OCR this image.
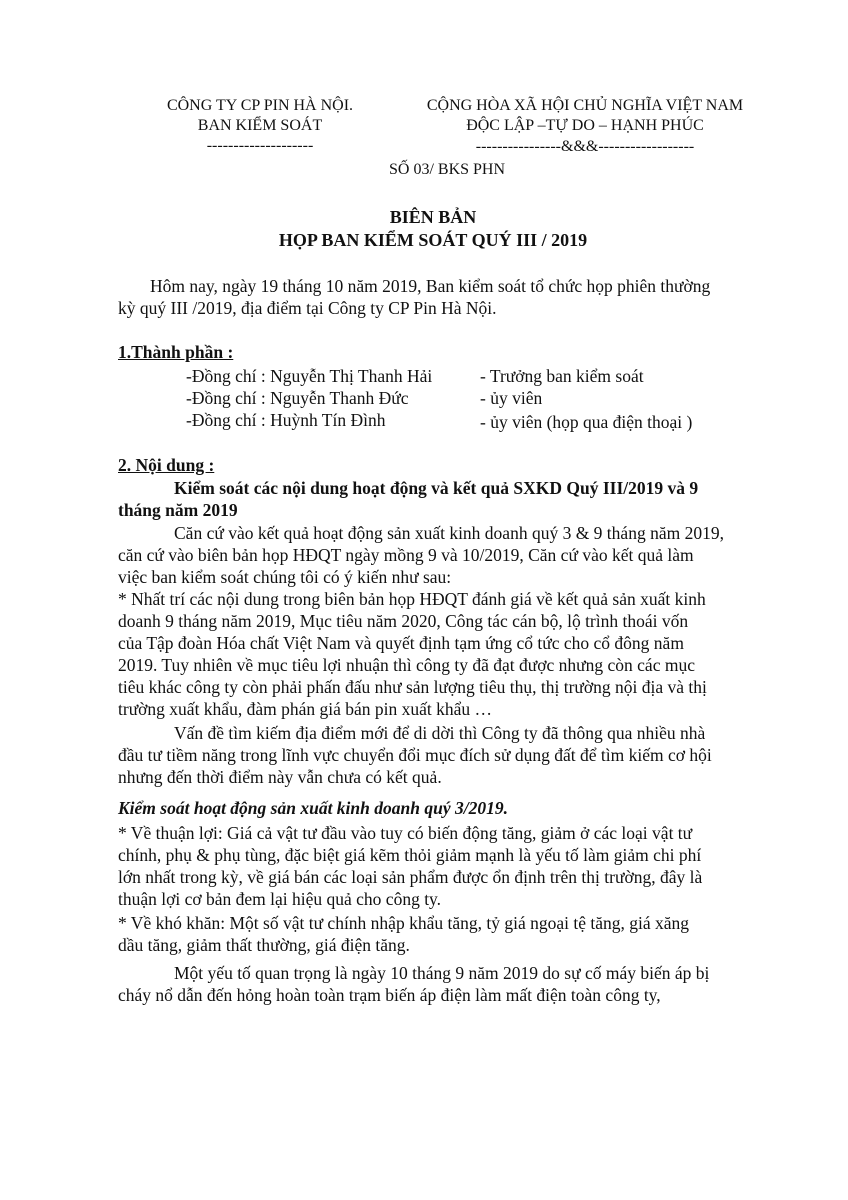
CÔNG TY CP PIN HÀ NỘI.
BAN KIỂM SOÁT
--------------------
CỘNG HÒA XÃ HỘI CHỦ NGHĨA VIỆT NAM
ĐỘC LẬP –TỰ DO – HẠNH PHÚC
----------------&&&------------------
SỐ 03/ BKS PHN
BIÊN BẢN
HỌP BAN KIỂM SOÁT QUÝ III / 2019
Hôm nay, ngày 19 tháng 10 năm 2019, Ban kiểm soát tổ chức họp phiên thường
kỳ quý III /2019, địa điểm tại Công ty CP Pin Hà Nội.
1.Thành phần :
-Đồng chí : Nguyễn Thị Thanh Hải	- Trưởng ban kiểm soát
-Đồng chí : Nguyễn Thanh Đức	- ủy viên
-Đồng chí : Huỳnh Tín Đình	- ủy viên (họp qua điện thoại )
2. Nội dung :
Kiểm soát các nội dung hoạt động và kết quả SXKD Quý III/2019 và 9
tháng năm 2019
Căn cứ vào kết quả hoạt động sản xuất kinh doanh quý 3 & 9 tháng năm 2019,
căn cứ vào biên bản họp HĐQT ngày mồng 9 và 10/2019, Căn cứ vào kết quả làm
việc ban kiểm soát chúng tôi có ý kiến như sau:
* Nhất trí các nội dung trong biên bản họp HĐQT đánh giá về kết quả sản xuất kinh
doanh 9 tháng năm 2019, Mục tiêu năm 2020, Công tác cán bộ, lộ trình thoái vốn
của Tập đoàn Hóa chất Việt Nam và quyết định tạm ứng cổ tức cho cổ đông năm
2019. Tuy nhiên về mục tiêu lợi nhuận thì công ty đã đạt được nhưng còn các mục
tiêu khác công ty còn phải phấn đấu như sản lượng tiêu thụ, thị trường nội địa và thị
trường xuất khẩu, đàm phán giá bán pin xuất khẩu …
Vấn đề tìm kiếm địa điểm mới để di dời thì Công ty đã thông qua nhiều nhà
đầu tư tiềm năng trong lĩnh vực chuyển đổi mục đích sử dụng đất để tìm kiếm cơ hội
nhưng đến thời điểm này vẫn chưa có kết quả.
Kiểm soát hoạt động sản xuất kinh doanh quý 3/2019.
* Về thuận lợi: Giá cả vật tư đầu vào tuy có biến động tăng, giảm ở các loại vật tư
chính, phụ & phụ tùng, đặc biệt giá kẽm thỏi giảm mạnh là yếu tố làm giảm chi phí
lớn nhất trong kỳ, về giá bán các loại sản phẩm được ổn định trên thị trường, đây là
thuận lợi cơ bản đem lại hiệu quả cho công ty.
* Về khó khăn: Một số vật tư chính nhập khẩu tăng, tỷ giá ngoại tệ tăng, giá xăng
dầu tăng, giảm thất thường, giá điện tăng.
Một yếu tố quan trọng là ngày 10 tháng 9 năm 2019 do sự cố máy biến áp bị
cháy nổ dẫn đến hỏng hoàn toàn trạm biến áp điện làm mất điện toàn công ty,
